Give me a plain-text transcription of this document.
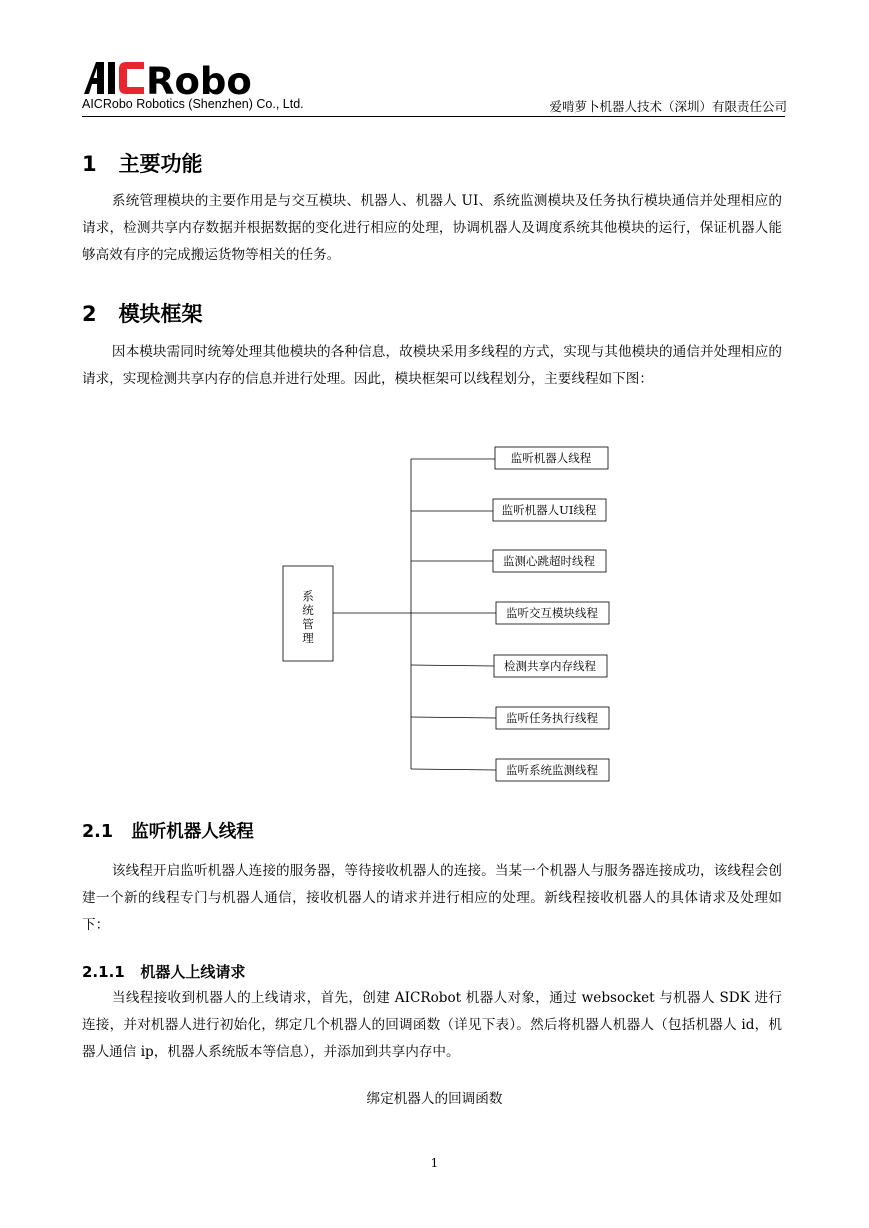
Robo
AICRobo Robotics (Shenzhen) Co., Ltd.	爱啃萝卜机器人技术（深圳）有限责任公司
1 主要功能

系统管理模块的主要作用是与交互模块、机器人、机器人 UI、系统监测模块及任务执行模块通信并处理相应的请求，检测共享内存数据并根据数据的变化进行相应的处理，协调机器人及调度系统其他模块的运行，保证机器人能够高效有序的完成搬运货物等相关的任务。

2 模块框架

因本模块需同时统筹处理其他模块的各种信息，故模块采用多线程的方式，实现与其他模块的通信并处理相应的请求，实现检测共享内存的信息并进行处理。因此，模块框架可以线程划分，主要线程如下图：

系
统
管
理
监听机器人线程
监听机器人UI线程
监测心跳超时线程
监听交互模块线程
检测共享内存线程
监听任务执行线程
监听系统监测线程
2.1 监听机器人线程

该线程开启监听机器人连接的服务器，等待接收机器人的连接。当某一个机器人与服务器连接成功，该线程会创建一个新的线程专门与机器人通信，接收机器人的请求并进行相应的处理。新线程接收机器人的具体请求及处理如下：

2.1.1 机器人上线请求

当线程接收到机器人的上线请求，首先，创建 AICRobot 机器人对象，通过 websocket 与机器人 SDK 进行连接，并对机器人进行初始化，绑定几个机器人的回调函数（详见下表）。然后将机器人机器人（包括机器人 id，机器人通信 ip，机器人系统版本等信息），并添加到共享内存中。

绑定机器人的回调函数
1
